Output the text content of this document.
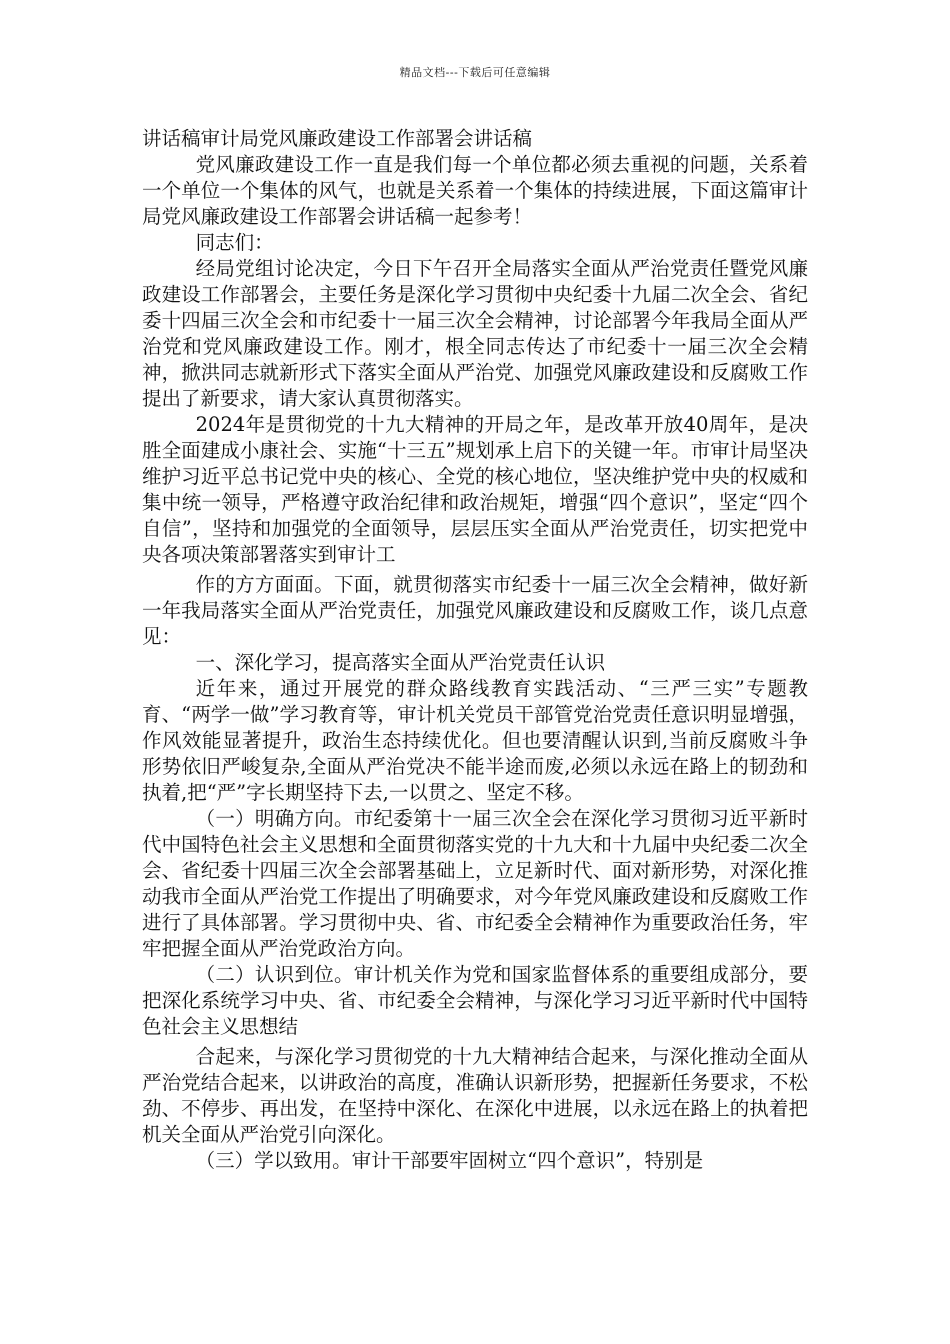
精品文档---下载后可任意编辑
讲话稿审计局党风廉政建设工作部署会讲话稿

党风廉政建设工作一直是我们每一个单位都必须去重视的问题，关系着一个单位一个集体的风气，也就是关系着一个集体的持续进展，下面这篇审计局党风廉政建设工作部署会讲话稿一起参考！

同志们：

经局党组讨论决定，今日下午召开全局落实全面从严治党责任暨党风廉政建设工作部署会，主要任务是深化学习贯彻中央纪委十九届二次全会、省纪委十四届三次全会和市纪委十一届三次全会精神，讨论部署今年我局全面从严治党和党风廉政建设工作。刚才，根全同志传达了市纪委十一届三次全会精神，掀洪同志就新形式下落实全面从严治党、加强党风廉政建设和反腐败工作提出了新要求，请大家认真贯彻落实。

2024年是贯彻党的十九大精神的开局之年，是改革开放40周年，是决胜全面建成小康社会、实施“十三五”规划承上启下的关键一年。市审计局坚决维护习近平总书记党中央的核心、全党的核心地位，坚决维护党中央的权威和集中统一领导，严格遵守政治纪律和政治规矩，增强“四个意识”，坚定“四个自信”，坚持和加强党的全面领导，层层压实全面从严治党责任，切实把党中央各项决策部署落实到审计工

作的方方面面。下面，就贯彻落实市纪委十一届三次全会精神，做好新一年我局落实全面从严治党责任，加强党风廉政建设和反腐败工作，谈几点意见：

一、深化学习，提高落实全面从严治党责任认识

近年来，通过开展党的群众路线教育实践活动、“三严三实”专题教育、“两学一做”学习教育等，审计机关党员干部管党治党责任意识明显增强，作风效能显著提升，政治生态持续优化。但也要清醒认识到,当前反腐败斗争形势依旧严峻复杂,全面从严治党决不能半途而废,必须以永远在路上的韧劲和执着,把“严”字长期坚持下去,一以贯之、坚定不移。

（一）明确方向。市纪委第十一届三次全会在深化学习贯彻习近平新时代中国特色社会主义思想和全面贯彻落实党的十九大和十九届中央纪委二次全会、省纪委十四届三次全会部署基础上，立足新时代、面对新形势，对深化推动我市全面从严治党工作提出了明确要求，对今年党风廉政建设和反腐败工作进行了具体部署。学习贯彻中央、省、市纪委全会精神作为重要政治任务，牢牢把握全面从严治党政治方向。

（二）认识到位。审计机关作为党和国家监督体系的重要组成部分，要把深化系统学习中央、省、市纪委全会精神，与深化学习习近平新时代中国特色社会主义思想结

合起来，与深化学习贯彻党的十九大精神结合起来，与深化推动全面从严治党结合起来，以讲政治的高度，准确认识新形势，把握新任务要求，不松劲、不停步、再出发，在坚持中深化、在深化中进展，以永远在路上的执着把机关全面从严治党引向深化。

（三）学以致用。审计干部要牢固树立“四个意识”，特别是
